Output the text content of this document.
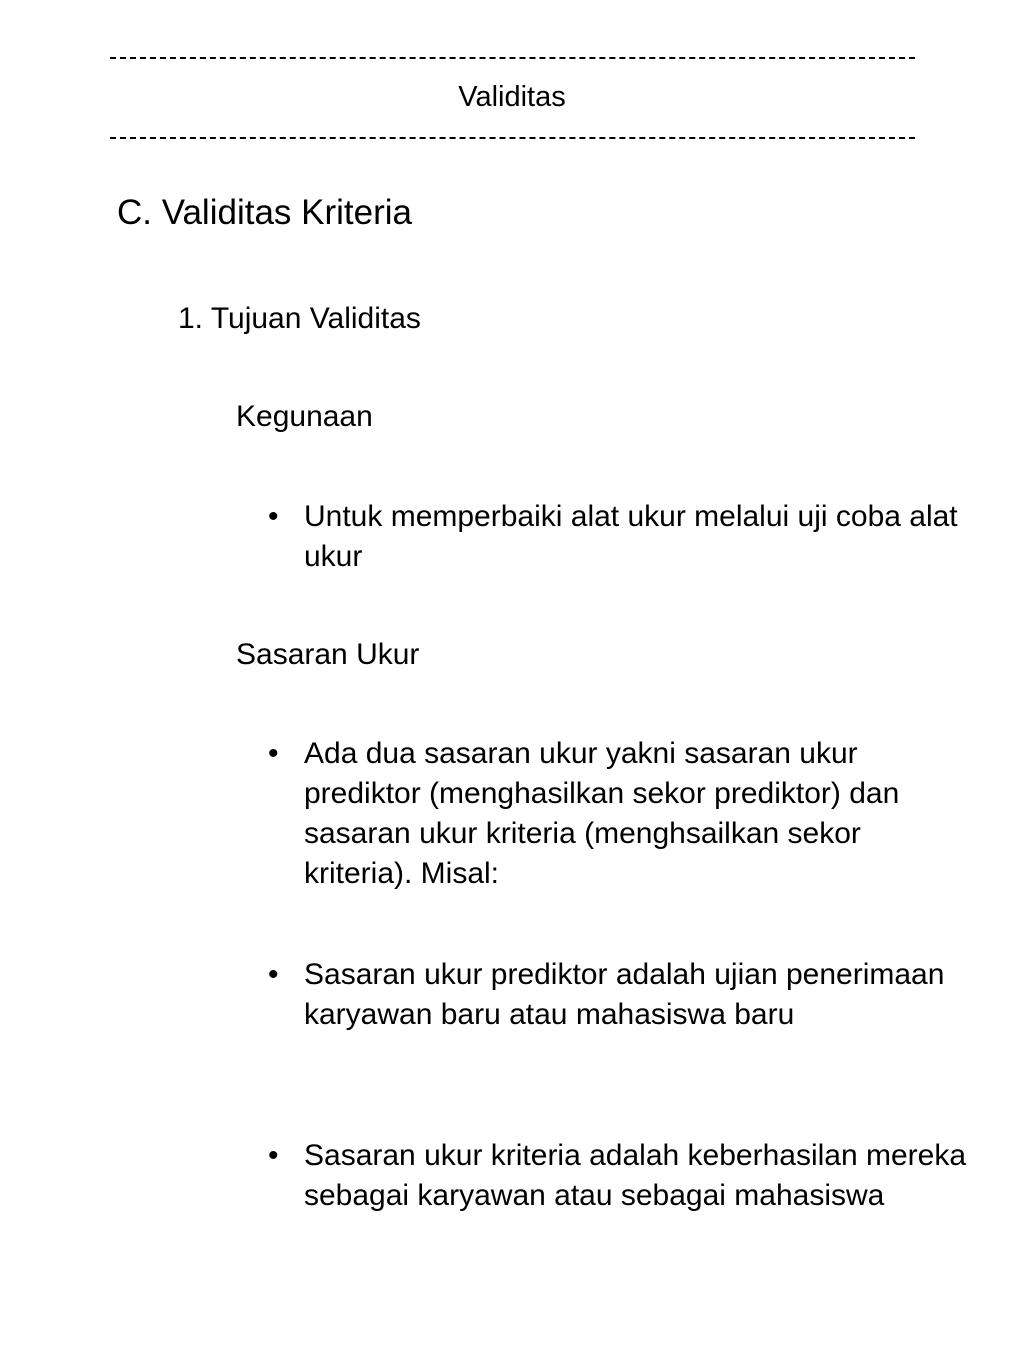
Validitas
C. Validitas Kriteria
1. Tujuan Validitas
Kegunaan
• Untuk memperbaiki alat ukur melalui uji coba alat ukur
Sasaran Ukur
• Ada dua sasaran ukur yakni sasaran ukur prediktor (menghasilkan sekor prediktor) dan sasaran ukur kriteria (menghsailkan sekor kriteria). Misal:
• Sasaran ukur prediktor adalah ujian penerimaan karyawan baru atau mahasiswa baru
• Sasaran ukur kriteria adalah keberhasilan mereka sebagai karyawan atau sebagai mahasiswa
